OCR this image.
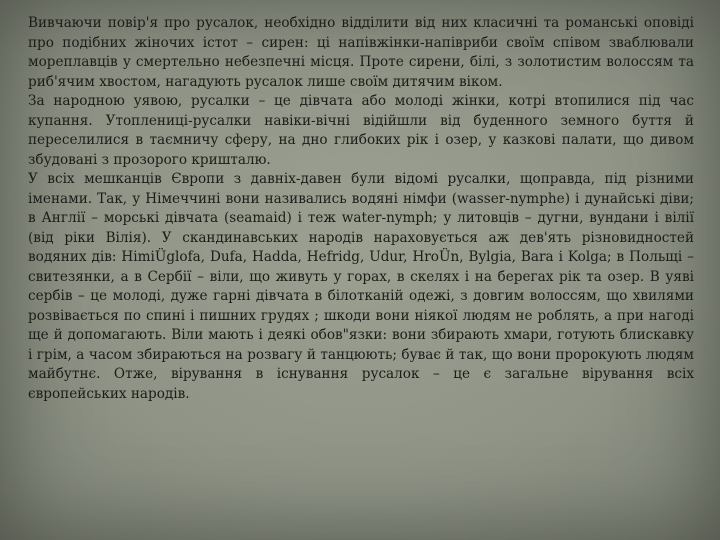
Вивчаючи повір'я про русалок, необхідно відділити від них класичні та романські оповіді про подібних жіночих істот – сирен: ці напівжінки-напівриби своїм співом зваблювали мореплавців у смертельно небезпечні місця. Проте сирени, білі, з золотистим волоссям та риб'ячим хвостом, нагадують русалок лише своїм дитячим віком.

За народною уявою, русалки – це дівчата або молоді жінки, котрі втопилися під час купання. Утоплениці-русалки навіки-вічні відійшли від буденного земного буття й переселилися в таємничу сферу, на дно глибоких рік і озер, у казкові палати, що дивом збудовані з прозорого кришталю.

У всіх мешканців Європи з давніх-давен були відомі русалки, щоправда, під різними іменами. Так, у Німеччині вони називались водяні німфи (wasser-nymphe) і дунайські діви; в Англії – морські дівчата (seamaid) і теж water-nymph; у литовців – дугни, вундани і вілії (від ріки Вілія). У скандинавських народів нараховується аж дев'ять різновидностей водяних дів: HimiÜglofa, Dufa, Hadda, Hefridg, Udur, HroÜn, Bylgia, Bara і Kolga; в Польщі – свитезянки, а в Сербії – віли, що живуть у горах, в скелях і на берегах рік та озер. В уяві сербів – це молоді, дуже гарні дівчата в білотканій одежі, з довгим волоссям, що хвилями розвівається по спині і пишних грудях ; шкоди вони ніякої людям не роблять, а при нагоді ще й допомагають. Віли мають і деякі обов"язки: вони збирають хмари, готують блискавку і грім, а часом збираються на розвагу й танцюють; буває й так, що вони пророкують людям майбутнє. Отже, вірування в існування русалок – це є загальне вірування всіх європейських народів.
